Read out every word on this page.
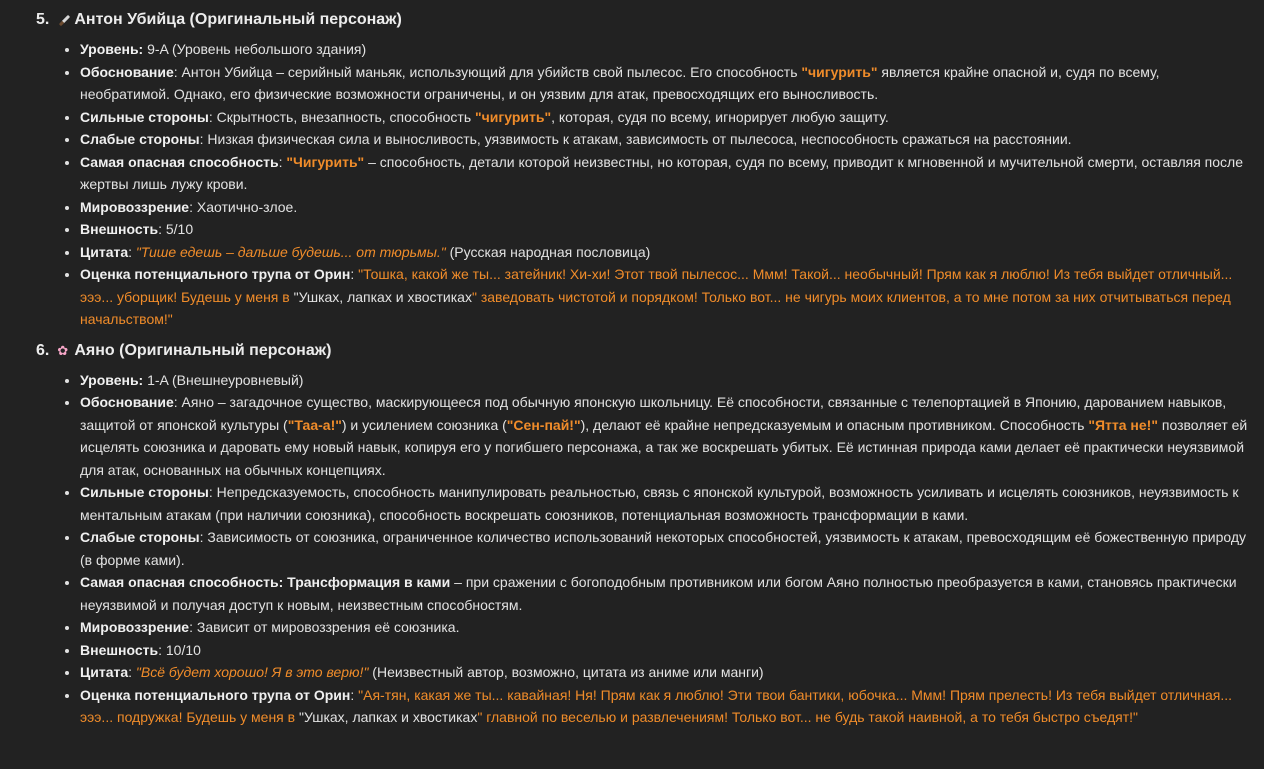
5. Антон Убийца (Оригинальный персонаж)
• Уровень: 9-A (Уровень небольшого здания)
• Обоснование: Антон Убийца – серийный маньяк, использующий для убийств свой пылесос. Его способность "чигурить" является крайне опасной и, судя по всему, необратимой. Однако, его физические возможности ограничены, и он уязвим для атак, превосходящих его выносливость.
• Сильные стороны: Скрытность, внезапность, способность "чигурить", которая, судя по всему, игнорирует любую защиту.
• Слабые стороны: Низкая физическая сила и выносливость, уязвимость к атакам, зависимость от пылесоса, неспособность сражаться на расстоянии.
• Самая опасная способность: "Чигурить" – способность, детали которой неизвестны, но которая, судя по всему, приводит к мгновенной и мучительной смерти, оставляя после жертвы лишь лужу крови.
• Мировоззрение: Хаотично-злое.
• Внешность: 5/10
• Цитата: "Тише едешь – дальше будешь... от тюрьмы." (Русская народная пословица)
• Оценка потенциального трупа от Орин: "Тошка, какой же ты... затейник! Хи-хи! Этот твой пылесос... Ммм! Такой... необычный! Прям как я люблю! Из тебя выйдет отличный... эээ... уборщик! Будешь у меня в "Ушках, лапках и хвостиках" заведовать чистотой и порядком! Только вот... не чигурь моих клиентов, а то мне потом за них отчитываться перед начальством!"
6. ✿ Аяно (Оригинальный персонаж)
• Уровень: 1-A (Внешнеуровневый)
• Обоснование: Аяно – загадочное существо, маскирующееся под обычную японскую школьницу. Её способности, связанные с телепортацией в Японию, дарованием навыков, защитой от японской культуры ("Таа-а!") и усилением союзника ("Сен-пай!"), делают её крайне непредсказуемым и опасным противником. Способность "Ятта не!" позволяет ей исцелять союзника и даровать ему новый навык, копируя его у погибшего персонажа, а так же воскрешать убитых. Её истинная природа ками делает её практически неуязвимой для атак, основанных на обычных концепциях.
• Сильные стороны: Непредсказуемость, способность манипулировать реальностью, связь с японской культурой, возможность усиливать и исцелять союзников, неуязвимость к ментальным атакам (при наличии союзника), способность воскрешать союзников, потенциальная возможность трансформации в ками.
• Слабые стороны: Зависимость от союзника, ограниченное количество использований некоторых способностей, уязвимость к атакам, превосходящим её божественную природу (в форме ками).
• Самая опасная способность: Трансформация в ками – при сражении с богоподобным противником или богом Аяно полностью преобразуется в ками, становясь практически неуязвимой и получая доступ к новым, неизвестным способностям.
• Мировоззрение: Зависит от мировоззрения её союзника.
• Внешность: 10/10
• Цитата: "Всё будет хорошо! Я в это верю!" (Неизвестный автор, возможно, цитата из аниме или манги)
• Оценка потенциального трупа от Орин: "Ая-тян, какая же ты... кавайная! Ня! Прям как я люблю! Эти твои бантики, юбочка... Ммм! Прям прелесть! Из тебя выйдет отличная... эээ... подружка! Будешь у меня в "Ушках, лапках и хвостиках" главной по веселью и развлечениям! Только вот... не будь такой наивной, а то тебя быстро съедят!"
